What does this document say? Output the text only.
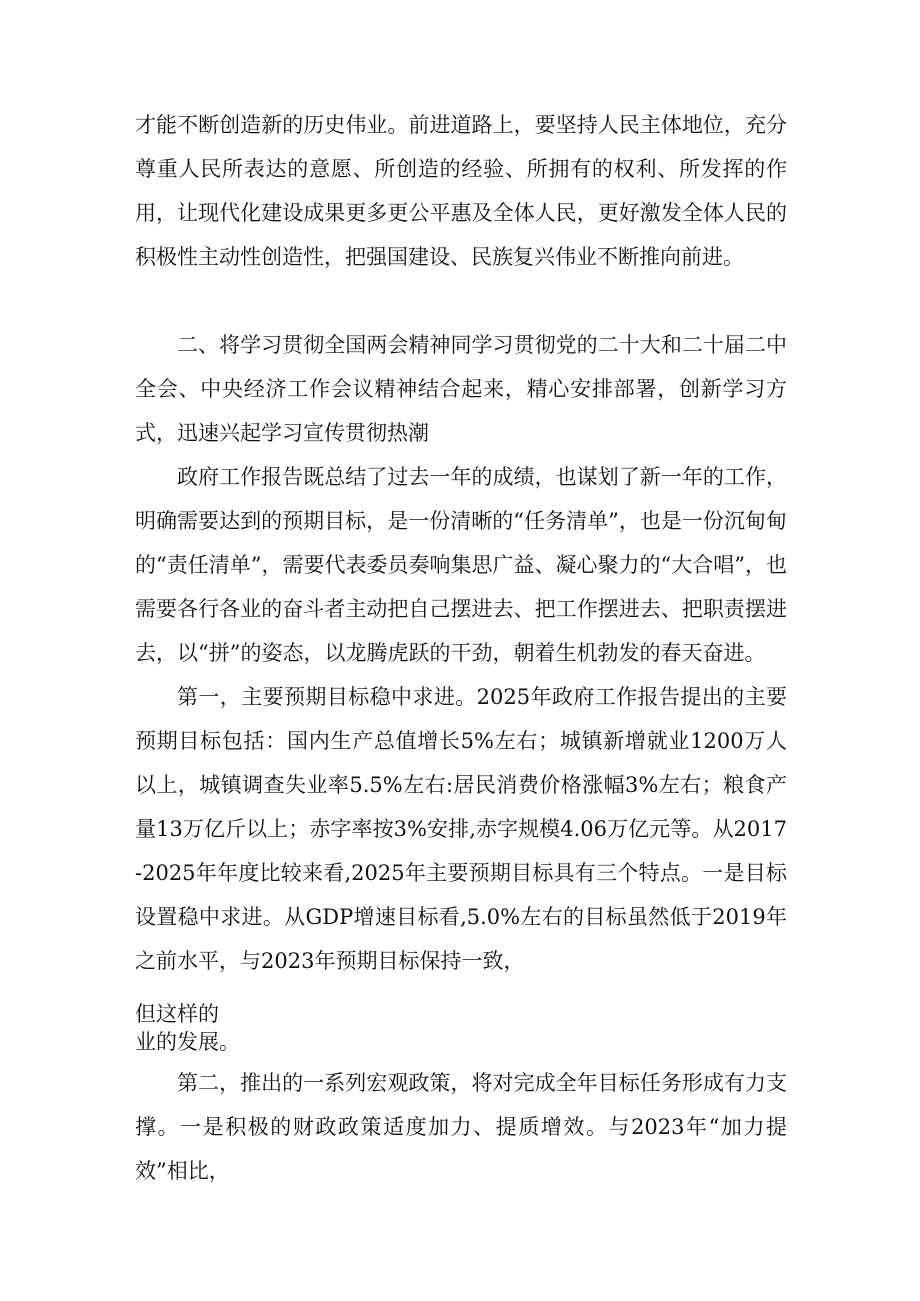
才能不断创造新的历史伟业。前进道路上，要坚持人民主体地位，充分尊重人民所表达的意愿、所创造的经验、所拥有的权利、所发挥的作用，让现代化建设成果更多更公平惠及全体人民，更好激发全体人民的积极性主动性创造性，把强国建设、民族复兴伟业不断推向前进。

二、将学习贯彻全国两会精神同学习贯彻党的二十大和二十届二中全会、中央经济工作会议精神结合起来，精心安排部署，创新学习方式，迅速兴起学习宣传贯彻热潮

政府工作报告既总结了过去一年的成绩，也谋划了新一年的工作，明确需要达到的预期目标，是一份清晰的“任务清单”，也是一份沉甸甸的“责任清单”，需要代表委员奏响集思广益、凝心聚力的“大合唱”，也需要各行各业的奋斗者主动把自己摆进去、把工作摆进去、把职责摆进去，以“拼”的姿态，以龙腾虎跃的干劲，朝着生机勃发的春天奋进。

第一，主要预期目标稳中求进。2025年政府工作报告提出的主要预期目标包括：国内生产总值增长5%左右；城镇新增就业1200万人以上，城镇调查失业率5.5%左右:居民消费价格涨幅3%左右；粮食产量13万亿斤以上；赤字率按3%安排,赤字规模4.06万亿元等。从2017-2025年年度比较来看,2025年主要预期目标具有三个特点。一是目标设置稳中求进。从GDP增速目标看,5.0%左右的目标虽然低于2019年之前水平，与2023年预期目标保持一致，

但这样的
业的发展。

第二，推出的一系列宏观政策，将对完成全年目标任务形成有力支撑。一是积极的财政政策适度加力、提质增效。与2023年“加力提效”相比，
